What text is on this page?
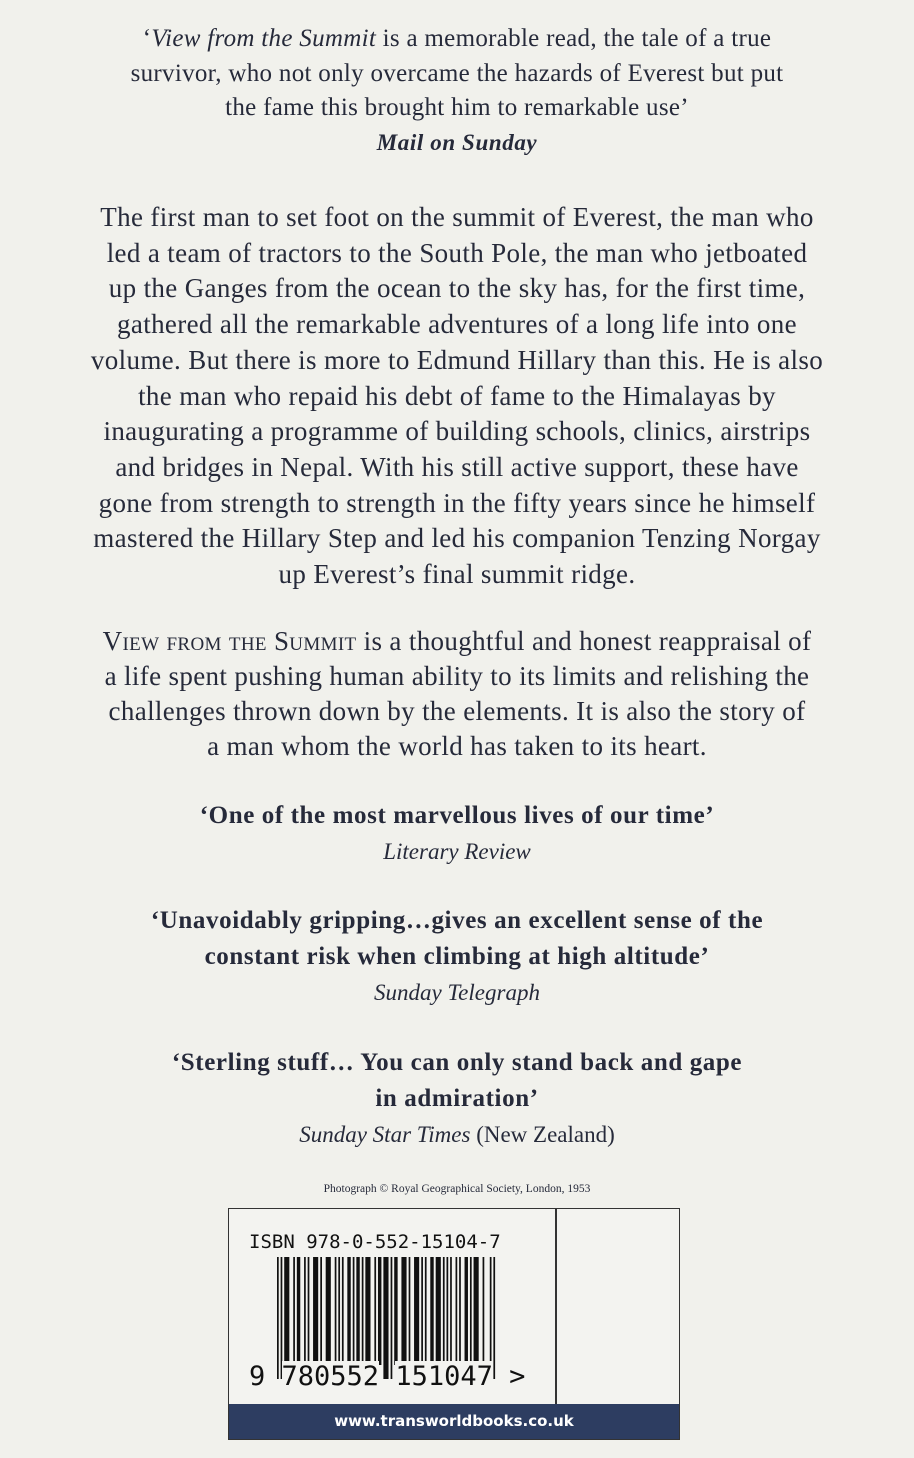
‘View from the Summit is a memorable read, the tale of a true
survivor, who not only overcame the hazards of Everest but put
the fame this brought him to remarkable use’
Mail on Sunday
The first man to set foot on the summit of Everest, the man who
led a team of tractors to the South Pole, the man who jetboated
up the Ganges from the ocean to the sky has, for the first time,
gathered all the remarkable adventures of a long life into one
volume. But there is more to Edmund Hillary than this. He is also
the man who repaid his debt of fame to the Himalayas by
inaugurating a programme of building schools, clinics, airstrips
and bridges in Nepal. With his still active support, these have
gone from strength to strength in the fifty years since he himself
mastered the Hillary Step and led his companion Tenzing Norgay
up Everest’s final summit ridge.
View from the Summit is a thoughtful and honest reappraisal of
a life spent pushing human ability to its limits and relishing the
challenges thrown down by the elements. It is also the story of
a man whom the world has taken to its heart.
‘One of the most marvellous lives of our time’
Literary Review
‘Unavoidably gripping…gives an excellent sense of the
constant risk when climbing at high altitude’
Sunday Telegraph
‘Sterling stuff… You can only stand back and gape
in admiration’
Sunday Star Times (New Zealand)
Photograph © Royal Geographical Society, London, 1953
ISBN 978-0-552-15104-7
9 780552 151047 >
www.transworldbooks.co.uk
